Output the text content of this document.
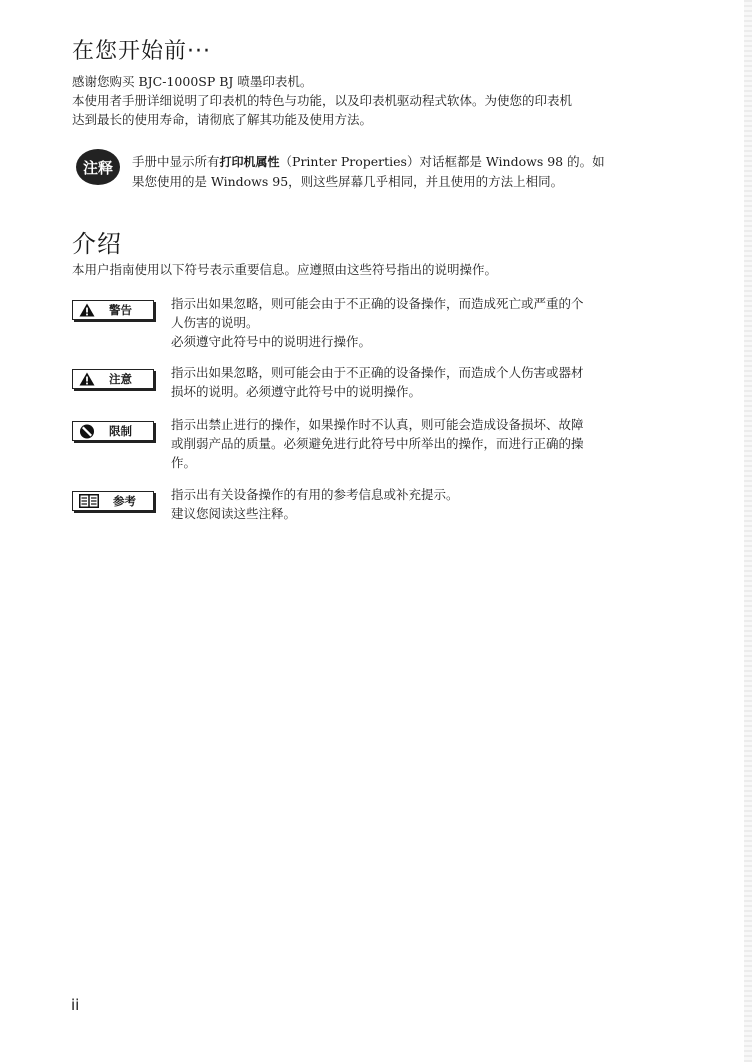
在您开始前···
感谢您购买 BJC-1000SP BJ 喷墨印表机。
本使用者手册详细说明了印表机的特色与功能，以及印表机驱动程式软体。为使您的印表机
达到最长的使用寿命，请彻底了解其功能及使用方法。
注释 手册中显示所有打印机属性（Printer Properties）对话框都是 Windows 98 的。如
果您使用的是 Windows 95，则这些屏幕几乎相同，并且使用的方法上相同。
介绍
本用户指南使用以下符号表示重要信息。应遵照由这些符号指出的说明操作。
警告	指示出如果忽略，则可能会由于不正确的设备操作，而造成死亡或严重的个
人伤害的说明。
必须遵守此符号中的说明进行操作。
注意	指示出如果忽略，则可能会由于不正确的设备操作，而造成个人伤害或器材
损坏的说明。必须遵守此符号中的说明操作。
限制	指示出禁止进行的操作，如果操作时不认真，则可能会造成设备损坏、故障
或削弱产品的质量。必须避免进行此符号中所举出的操作，而进行正确的操
作。
参考	指示出有关设备操作的有用的参考信息或补充提示。
建议您阅读这些注释。
ii
